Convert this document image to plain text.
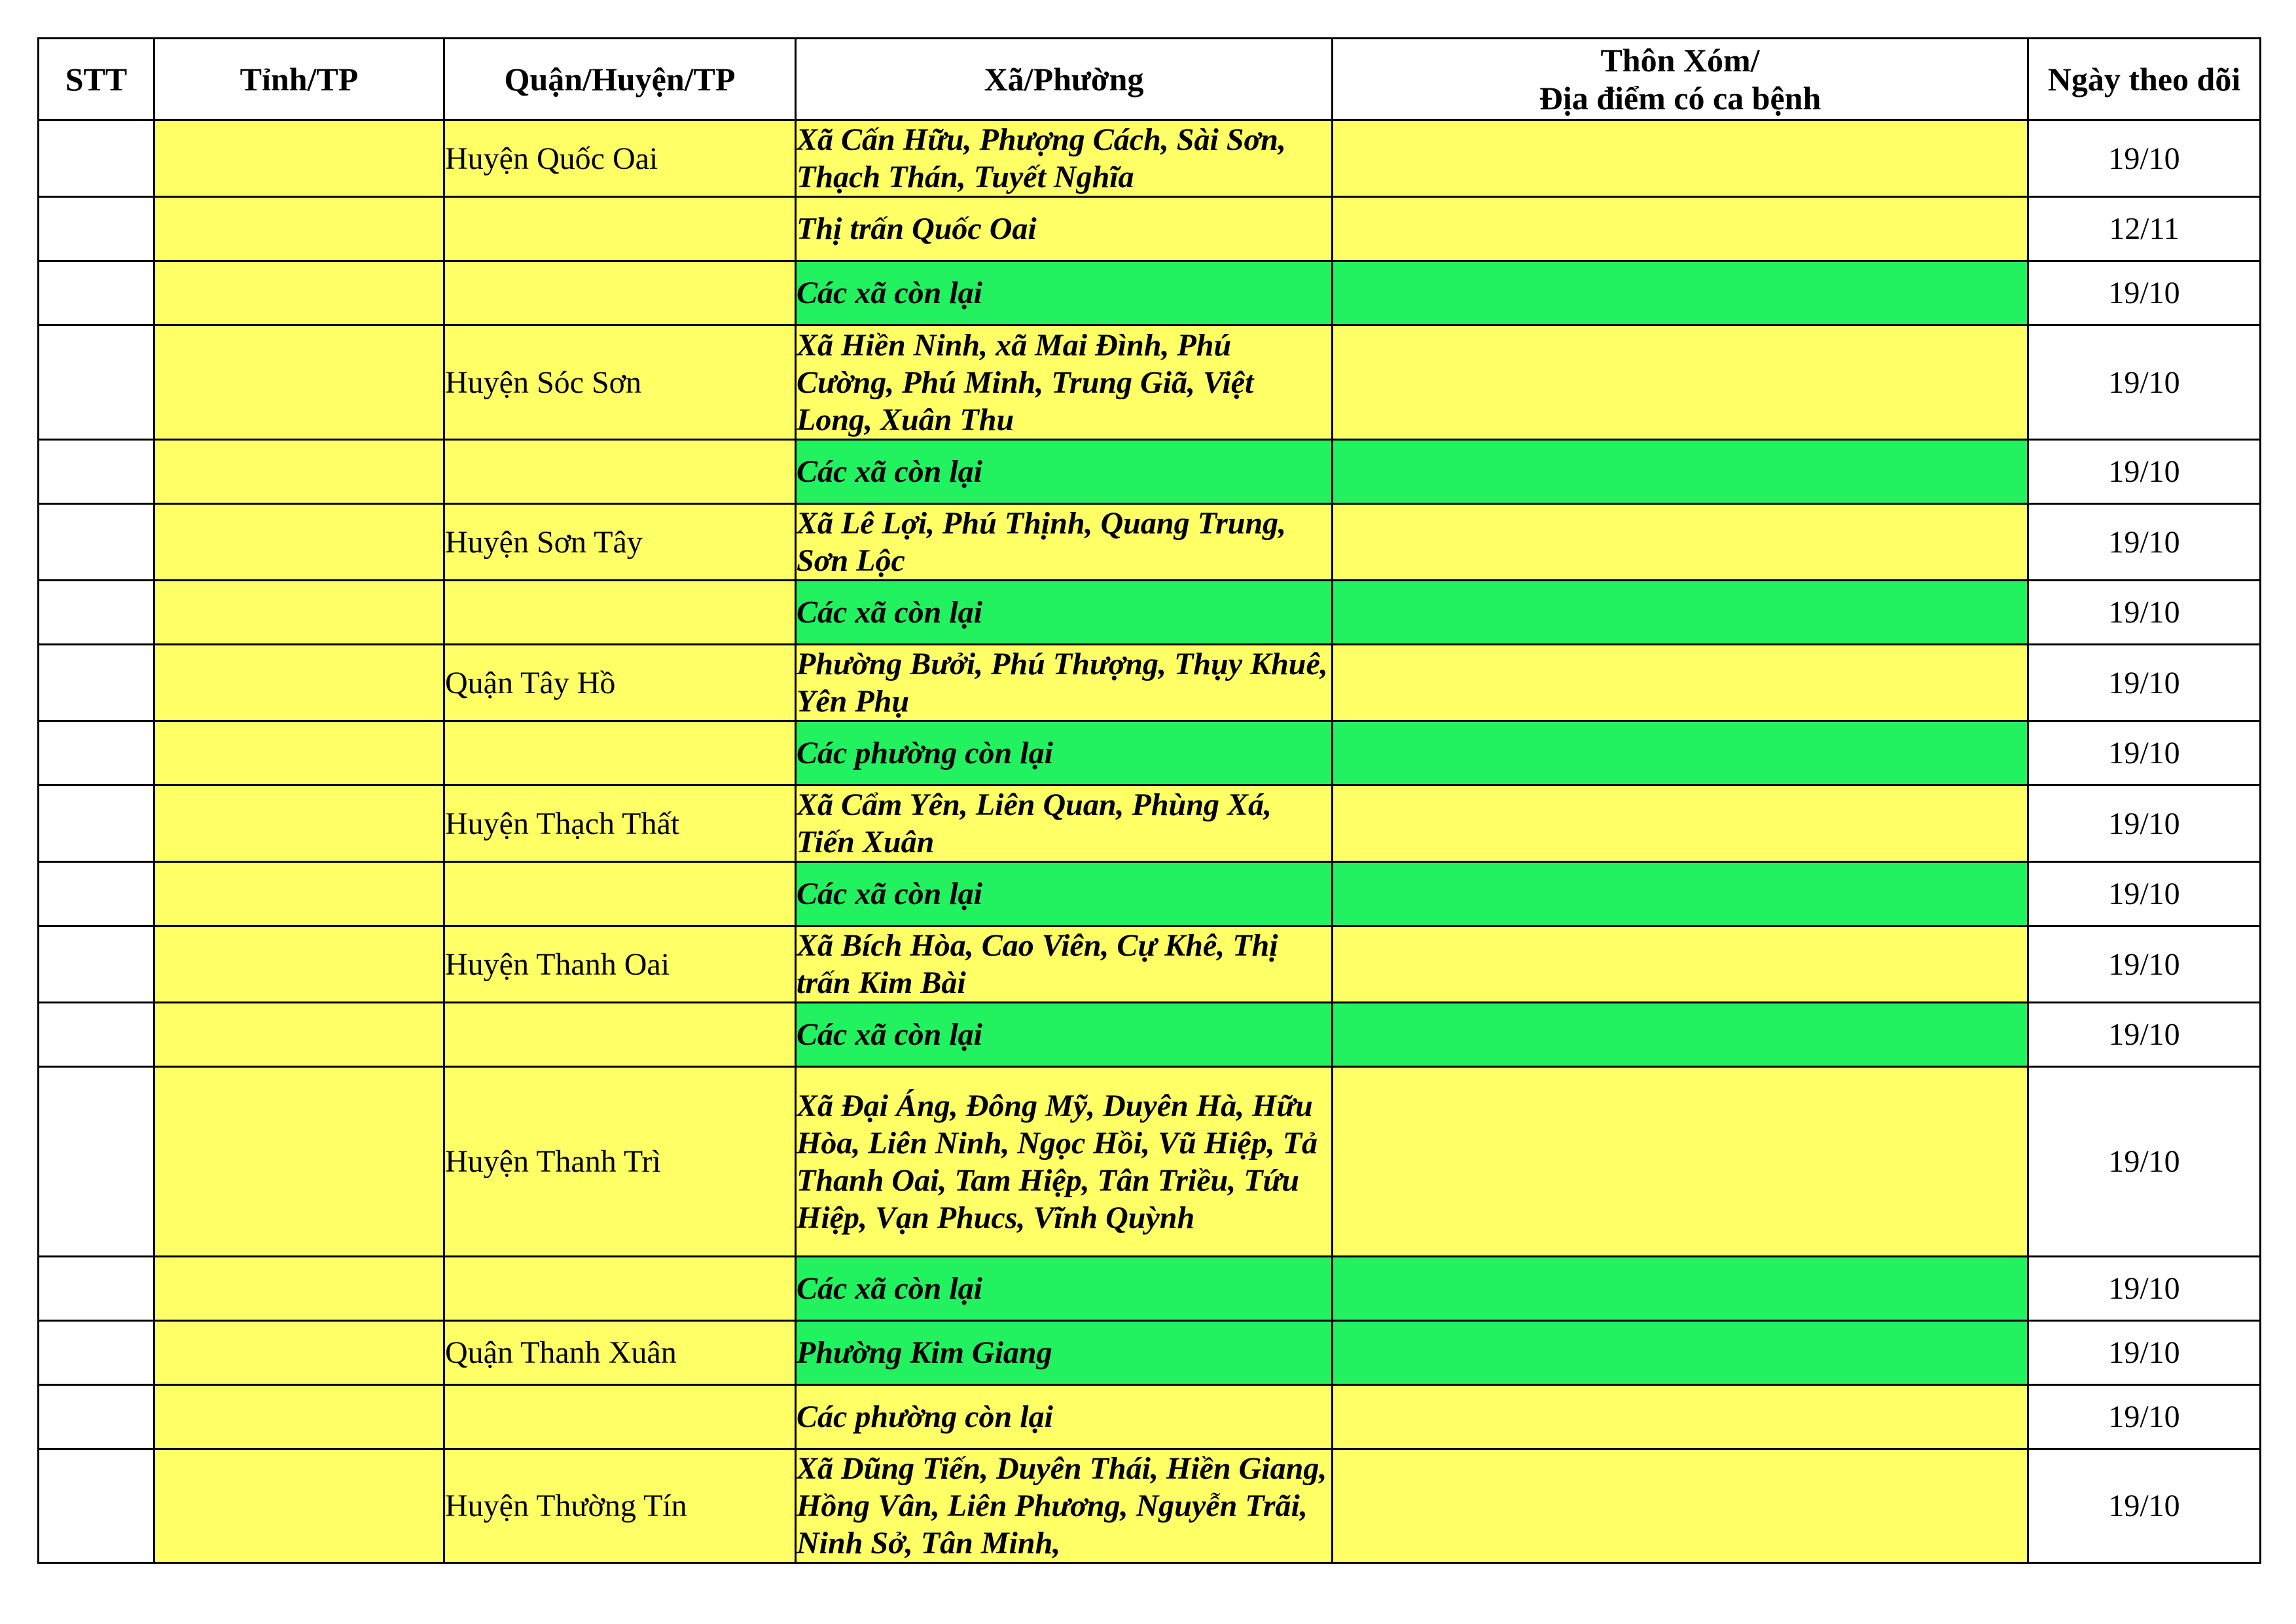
STT	Tỉnh/TP	Quận/Huyện/TP	Xã/Phường	Thôn Xóm/
Địa điểm có ca bệnh	Ngày theo dõi
		Huyện Quốc Oai	Xã Cấn Hữu, Phượng Cách, Sài Sơn, Thạch Thán, Tuyết Nghĩa		19/10
			Thị trấn Quốc Oai		12/11
			Các xã còn lại		19/10
		Huyện Sóc Sơn	Xã Hiền Ninh, xã Mai Đình, Phú Cường, Phú Minh, Trung Giã, Việt Long, Xuân Thu		19/10
			Các xã còn lại		19/10
		Huyện Sơn Tây	Xã Lê Lợi, Phú Thịnh, Quang Trung, Sơn Lộc		19/10
			Các xã còn lại		19/10
		Quận Tây Hồ	Phường Bưởi, Phú Thượng, Thụy Khuê, Yên Phụ		19/10
			Các phường còn lại		19/10
		Huyện Thạch Thất	Xã Cẩm Yên, Liên Quan, Phùng Xá, Tiến Xuân		19/10
			Các xã còn lại		19/10
		Huyện Thanh Oai	Xã Bích Hòa, Cao Viên, Cự Khê, Thị trấn Kim Bài		19/10
			Các xã còn lại		19/10
		Huyện Thanh Trì	Xã Đại Áng, Đông Mỹ, Duyên Hà, Hữu Hòa, Liên Ninh, Ngọc Hồi, Vũ Hiệp, Tả Thanh Oai, Tam Hiệp, Tân Triều, Tứu Hiệp, Vạn Phucs, Vĩnh Quỳnh		19/10
			Các xã còn lại		19/10
		Quận Thanh Xuân	Phường Kim Giang		19/10
			Các phường còn lại		19/10
		Huyện Thường Tín	Xã Dũng Tiến, Duyên Thái, Hiền Giang, Hồng Vân, Liên Phương, Nguyễn Trãi, Ninh Sở, Tân Minh,		19/10
